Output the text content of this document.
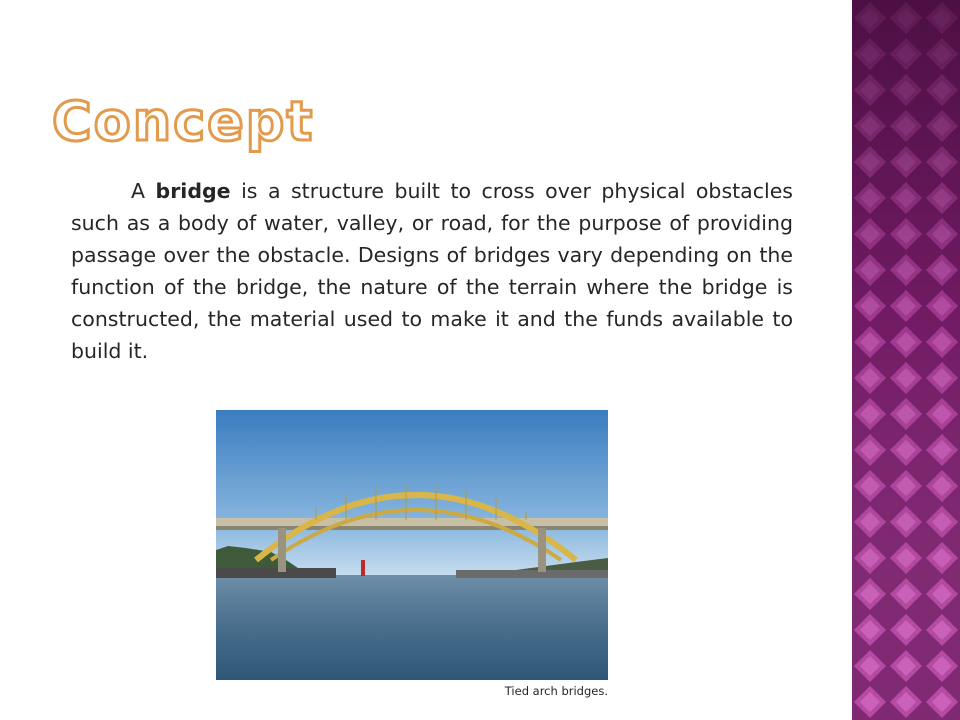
Concept

A bridge is a structure built to cross over physical obstacles such as a body of water, valley, or road, for the purpose of providing passage over the obstacle. Designs of bridges vary depending on the function of the bridge, the nature of the terrain where the bridge is constructed, the material used to make it and the funds available to build it.

Tied arch bridges.
